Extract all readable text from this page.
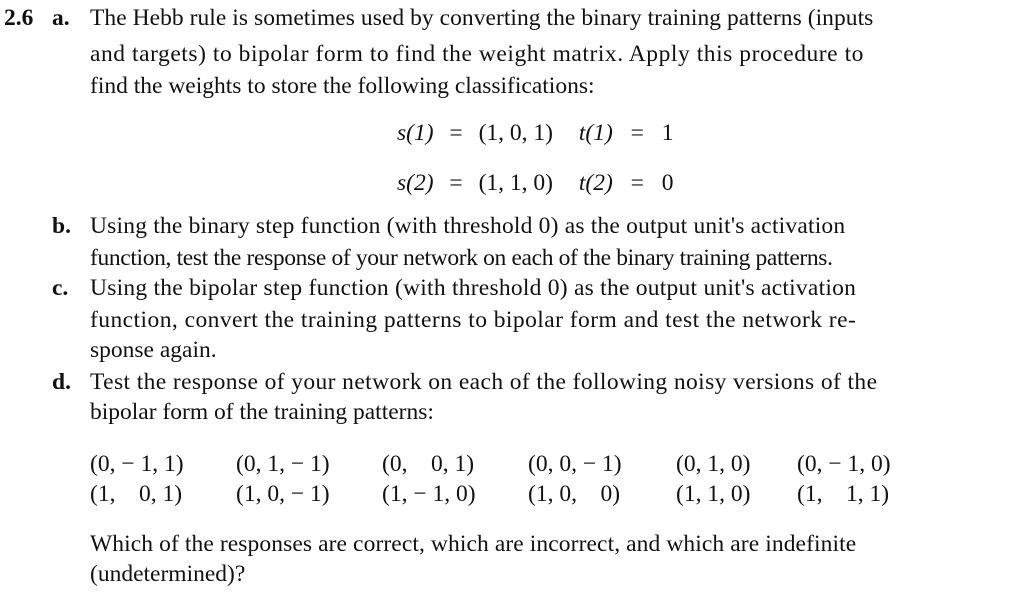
2.6 a. The Hebb rule is sometimes used by converting the binary training patterns (inputs
and targets) to bipolar form to find the weight matrix. Apply this procedure to
find the weights to store the following classifications:
s(1) = (1, 0, 1) t(1) = 1
s(2) = (1, 1, 0) t(2) = 0
b. Using the binary step function (with threshold 0) as the output unit's activation
function, test the response of your network on each of the binary training patterns.
c. Using the bipolar step function (with threshold 0) as the output unit's activation
function, convert the training patterns to bipolar form and test the network re-
sponse again.
d. Test the response of your network on each of the following noisy versions of the
bipolar form of the training patterns:
(0, − 1, 1) (0, 1, − 1) (0,    0, 1) (0, 0, − 1) (0, 1, 0) (0, − 1, 0)
(1,    0, 1) (1, 0, − 1) (1, − 1, 0) (1, 0,    0) (1, 1, 0) (1,    1, 1)
Which of the responses are correct, which are incorrect, and which are indefinite
(undetermined)?
